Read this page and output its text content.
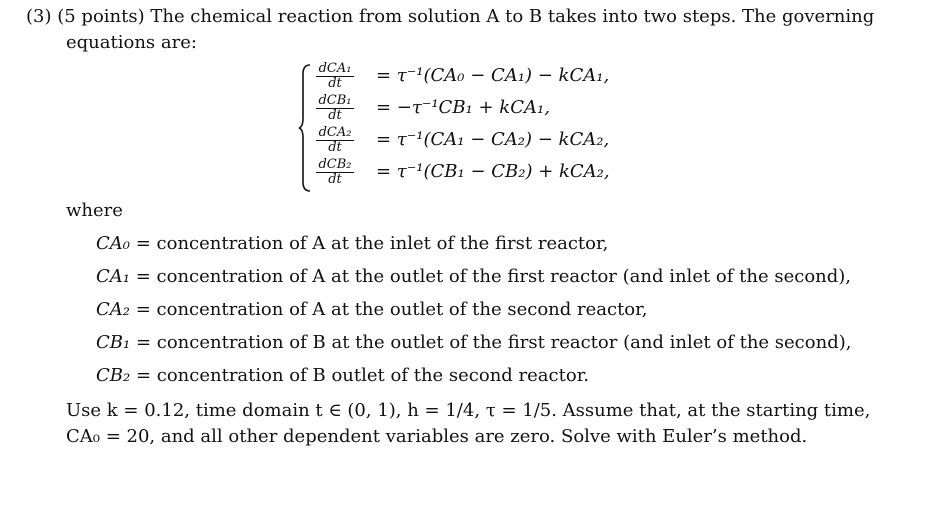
(3) (5 points) The chemical reaction from solution A to B takes into two steps. The governing
equations are:
dCA₁
dt	= τ⁻¹(CA₀ − CA₁) − kCA₁,
dCB₁
dt	= −τ⁻¹CB₁ + kCA₁,
dCA₂
dt	= τ⁻¹(CA₁ − CA₂) − kCA₂,
dCB₂
dt	= τ⁻¹(CB₁ − CB₂) + kCA₂,
where
CA₀ = concentration of A at the inlet of the first reactor,
CA₁ = concentration of A at the outlet of the first reactor (and inlet of the second),
CA₂ = concentration of A at the outlet of the second reactor,
CB₁ = concentration of B at the outlet of the first reactor (and inlet of the second),
CB₂ = concentration of B outlet of the second reactor.
Use k = 0.12, time domain t ∈ (0, 1), h = 1/4, τ = 1/5. Assume that, at the starting time,
CA₀ = 20, and all other dependent variables are zero. Solve with Euler’s method.
